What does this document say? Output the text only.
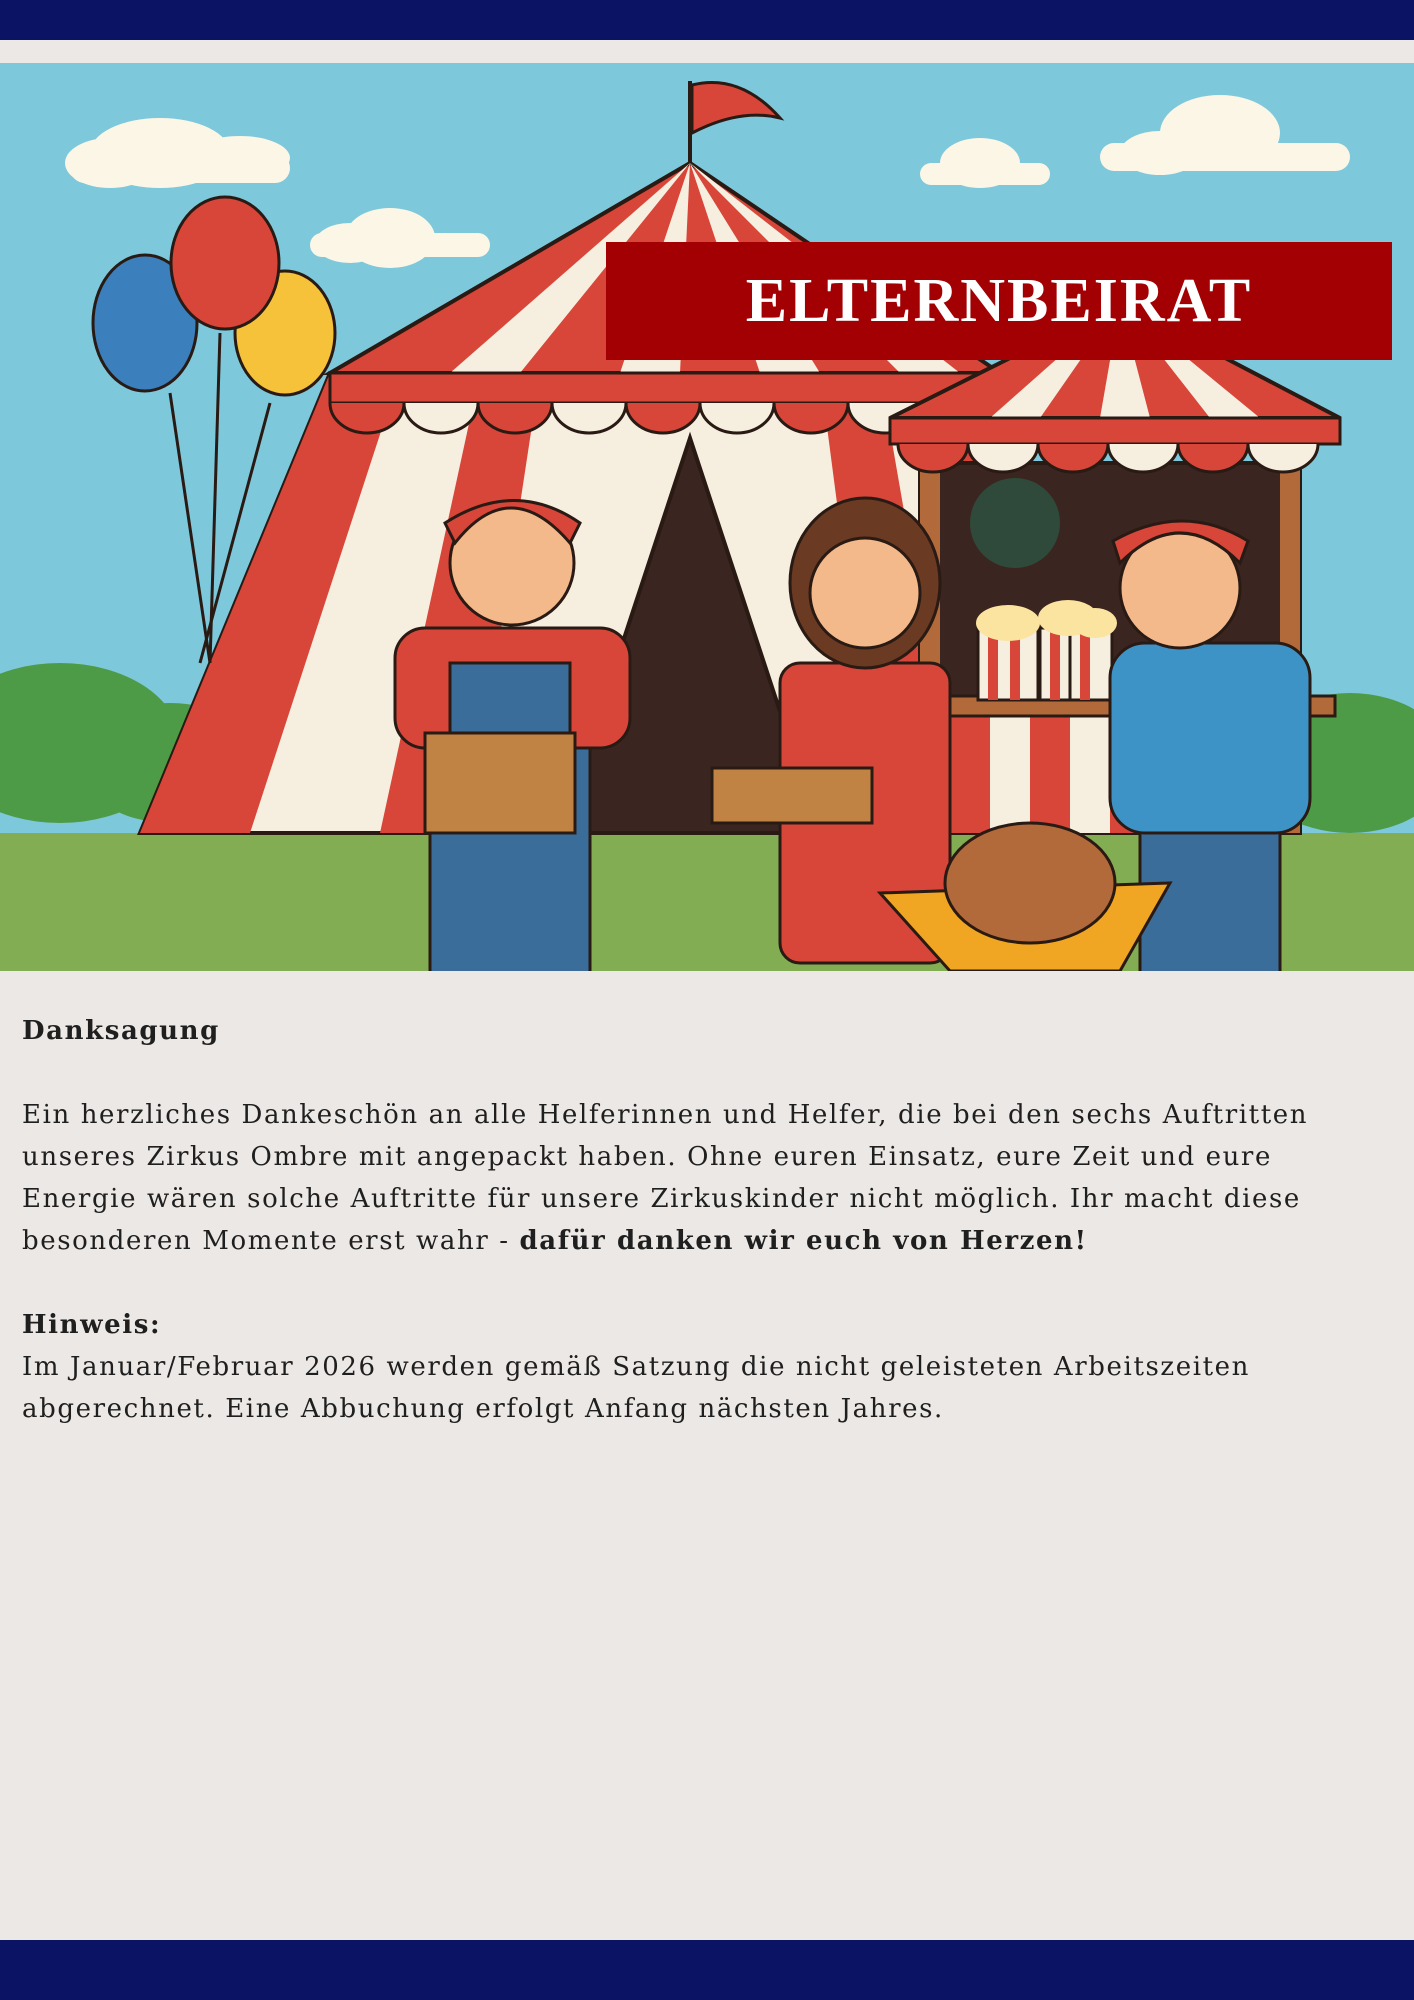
ELTERNBEIRAT

Danksagung

Ein herzliches Dankeschön an alle Helferinnen und Helfer, die bei den sechs Auftritten unseres Zirkus Ombre mit angepackt haben. Ohne euren Einsatz, eure Zeit und eure Energie wären solche Auftritte für unsere Zirkuskinder nicht möglich. Ihr macht diese besonderen Momente erst wahr - dafür danken wir euch von Herzen!

Hinweis:

Im Januar/Februar 2026 werden gemäß Satzung die nicht geleisteten Arbeitszeiten abgerechnet. Eine Abbuchung erfolgt Anfang nächsten Jahres.
